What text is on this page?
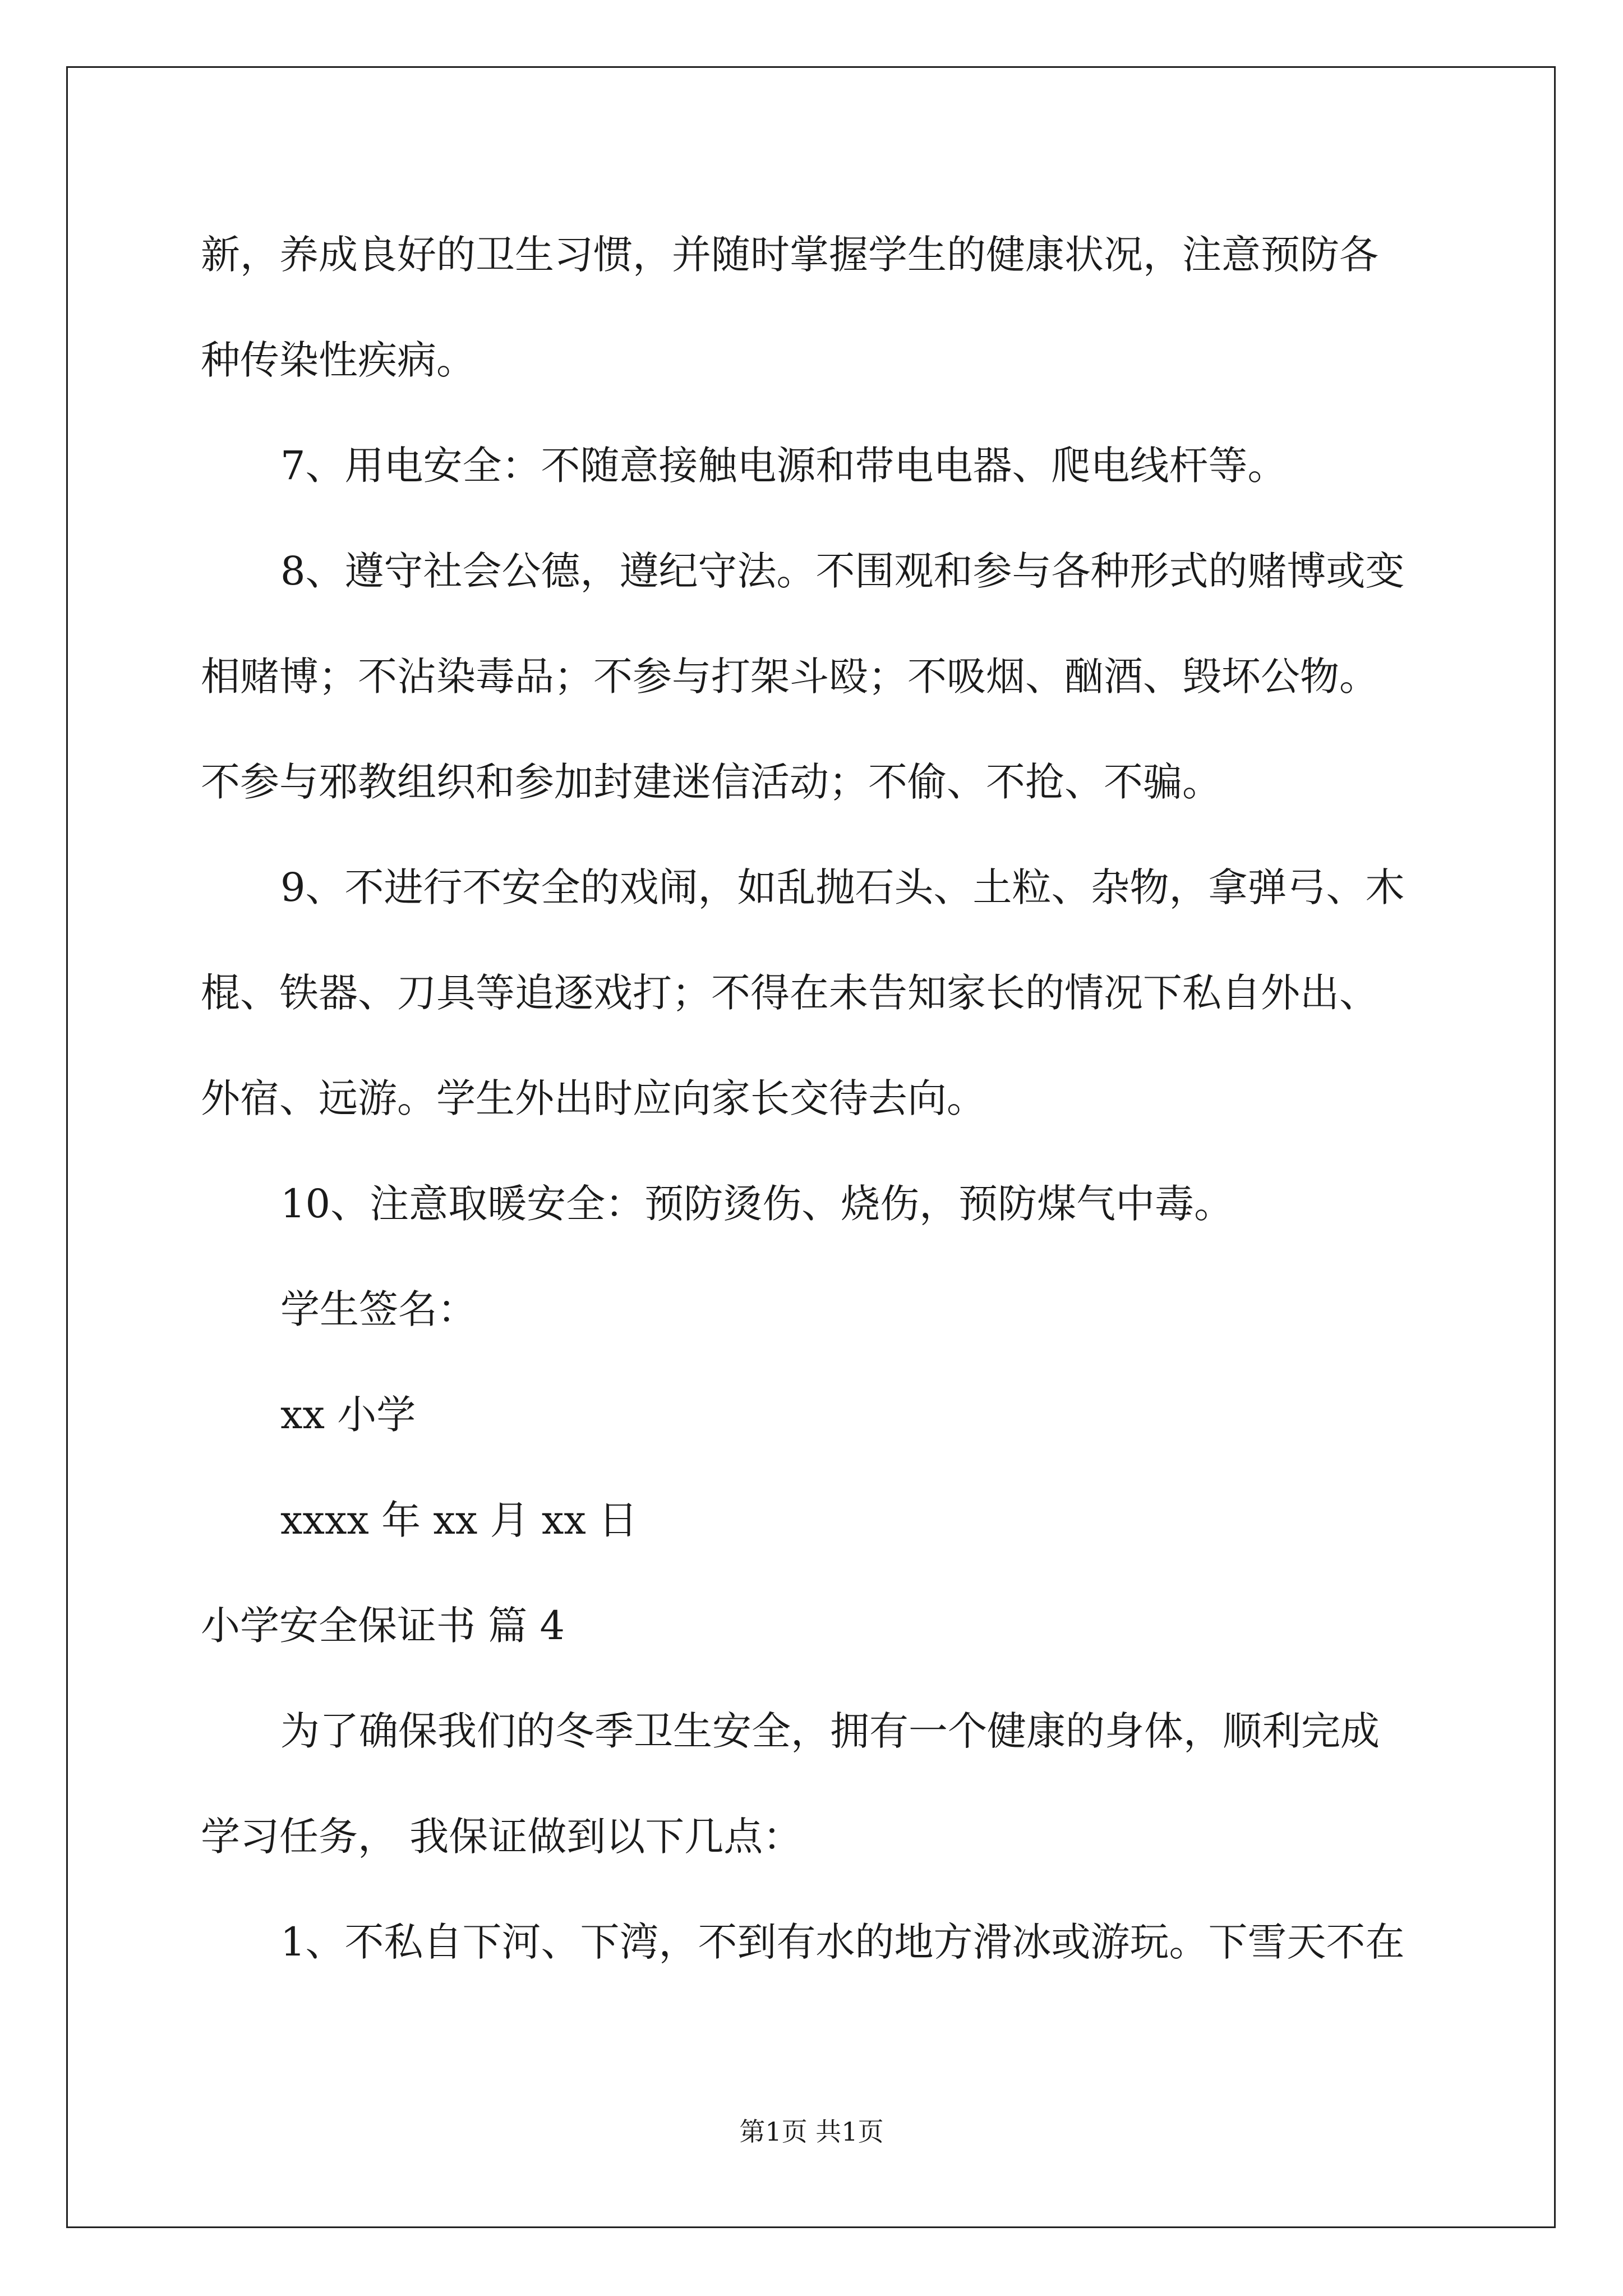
新，养成良好的卫生习惯，并随时掌握学生的健康状况，注意预防各

种传染性疾病。

7、用电安全：不随意接触电源和带电电器、爬电线杆等。

8、遵守社会公德，遵纪守法。不围观和参与各种形式的赌博或变

相赌博；不沾染毒品；不参与打架斗殴；不吸烟、酗酒、毁坏公物。

不参与邪教组织和参加封建迷信活动；不偷、不抢、不骗。

9、不进行不安全的戏闹，如乱抛石头、土粒、杂物，拿弹弓、木

棍、铁器、刀具等追逐戏打；不得在未告知家长的情况下私自外出、

外宿、远游。学生外出时应向家长交待去向。

10、注意取暖安全：预防烫伤、烧伤，预防煤气中毒。

学生签名：

xx 小学

xxxx 年 xx 月 xx 日

小学安全保证书 篇 4

为了确保我们的冬季卫生安全，拥有一个健康的身体，顺利完成

学习任务， 我保证做到以下几点：

1、不私自下河、下湾，不到有水的地方滑冰或游玩。下雪天不在

第1页 共1页
